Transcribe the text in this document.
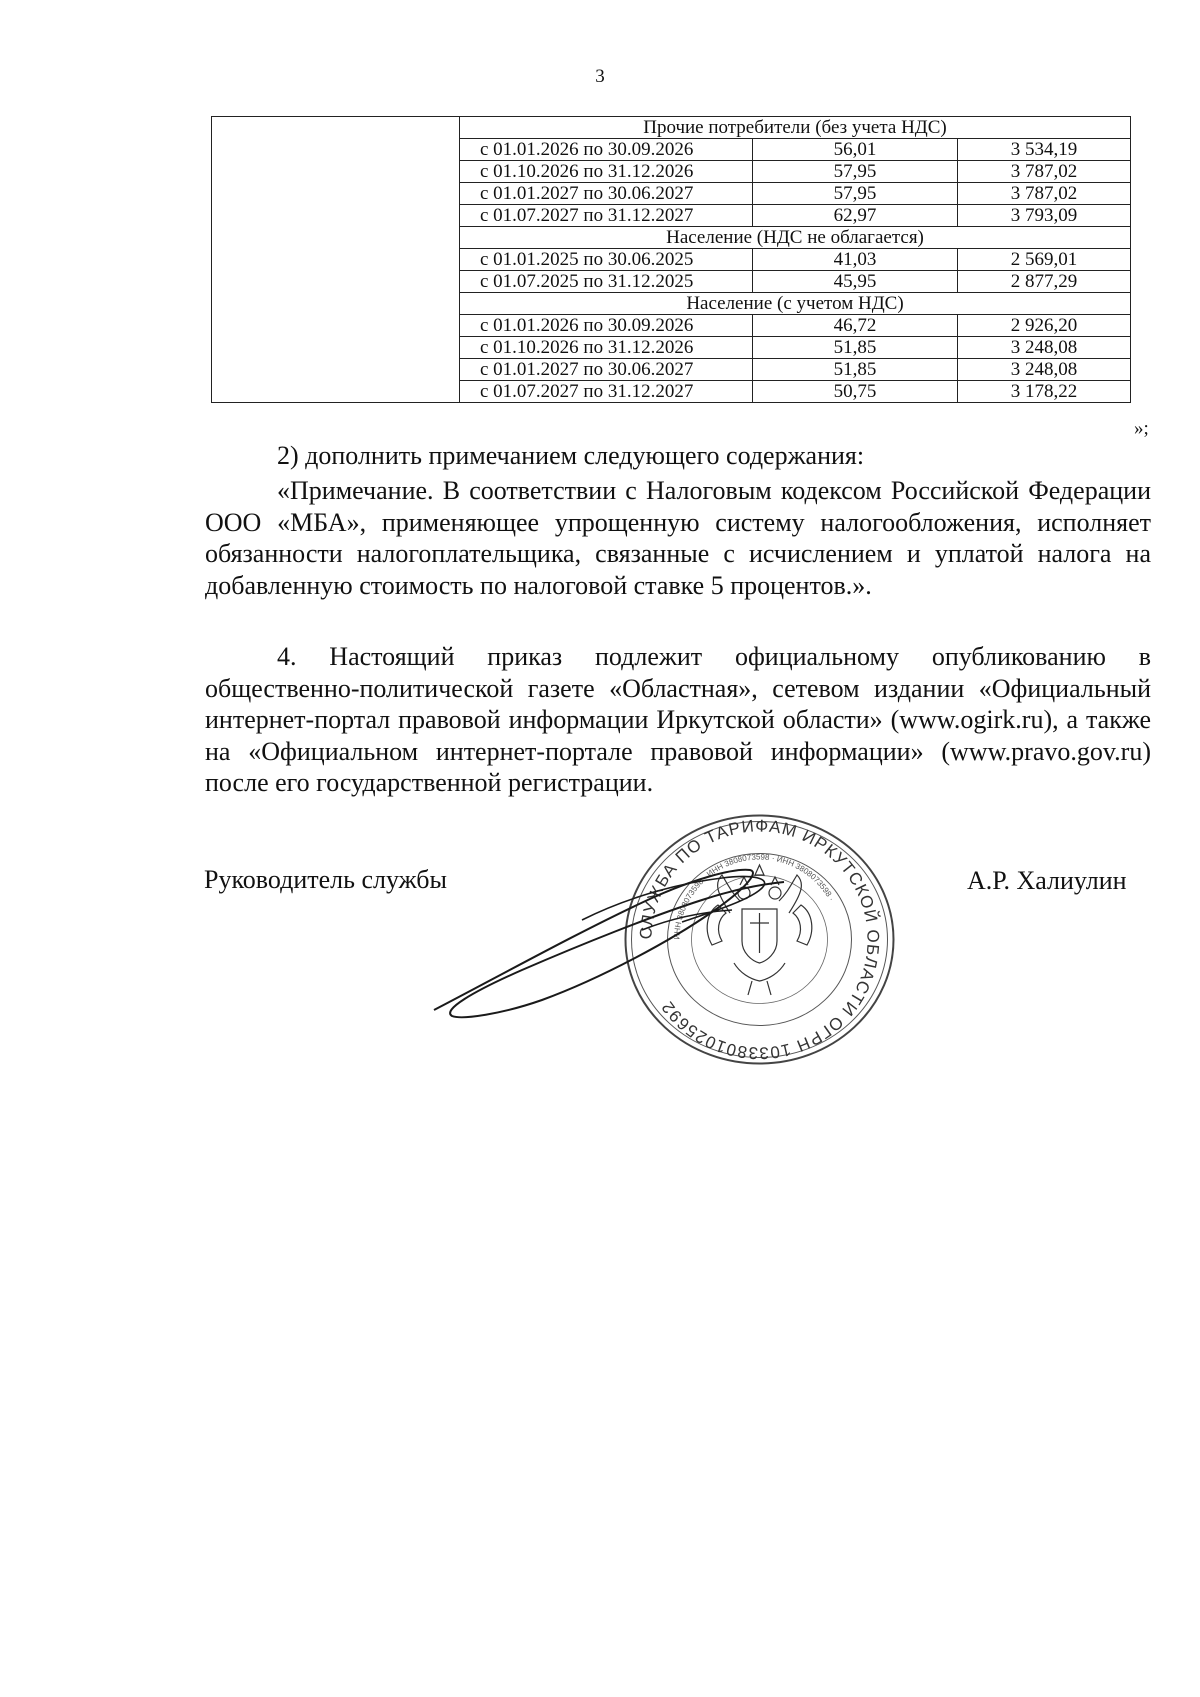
3
	Прочие потребители (без учета НДС)		
	с 01.01.2026 по 30.09.2026	56,01	3 534,19
	с 01.10.2026 по 31.12.2026	57,95	3 787,02
	с 01.01.2027 по 30.06.2027	57,95	3 787,02
	с 01.07.2027 по 31.12.2027	62,97	3 793,09
	Население (НДС не облагается)		
	с 01.01.2025 по 30.06.2025	41,03	2 569,01
	с 01.07.2025 по 31.12.2025	45,95	2 877,29
	Население (с учетом НДС)		
	с 01.01.2026 по 30.09.2026	46,72	2 926,20
	с 01.10.2026 по 31.12.2026	51,85	3 248,08
	с 01.01.2027 по 30.06.2027	51,85	3 248,08
	с 01.07.2027 по 31.12.2027	50,75	3 178,22
»;

2) дополнить примечанием следующего содержания:

«Примечание. В соответствии с Налоговым кодексом Российской Федерации ООО «МБА», применяющее упрощенную систему налогообложения, исполняет обязанности налогоплательщика, связанные с исчислением и уплатой налога на добавленную стоимость по налоговой ставке 5 процентов.».

4. Настоящий приказ подлежит официальному опубликованию в общественно-политической газете «Областная», сетевом издании «Официальный интернет-портал правовой информации Иркутской области» (www.ogirk.ru), а также на «Официальном интернет-портале правовой информации» (www.pravo.gov.ru) после его государственной регистрации.

Руководитель службы
СЛУЖБА ПО ТАРИФАМ ИРКУТСКОЙ ОБЛАСТИ ОГРН 1033801025692
ИНН 3808073598 · ИНН 3808073598 · ИНН 3808073598 ·
А.Р. Халиулин
